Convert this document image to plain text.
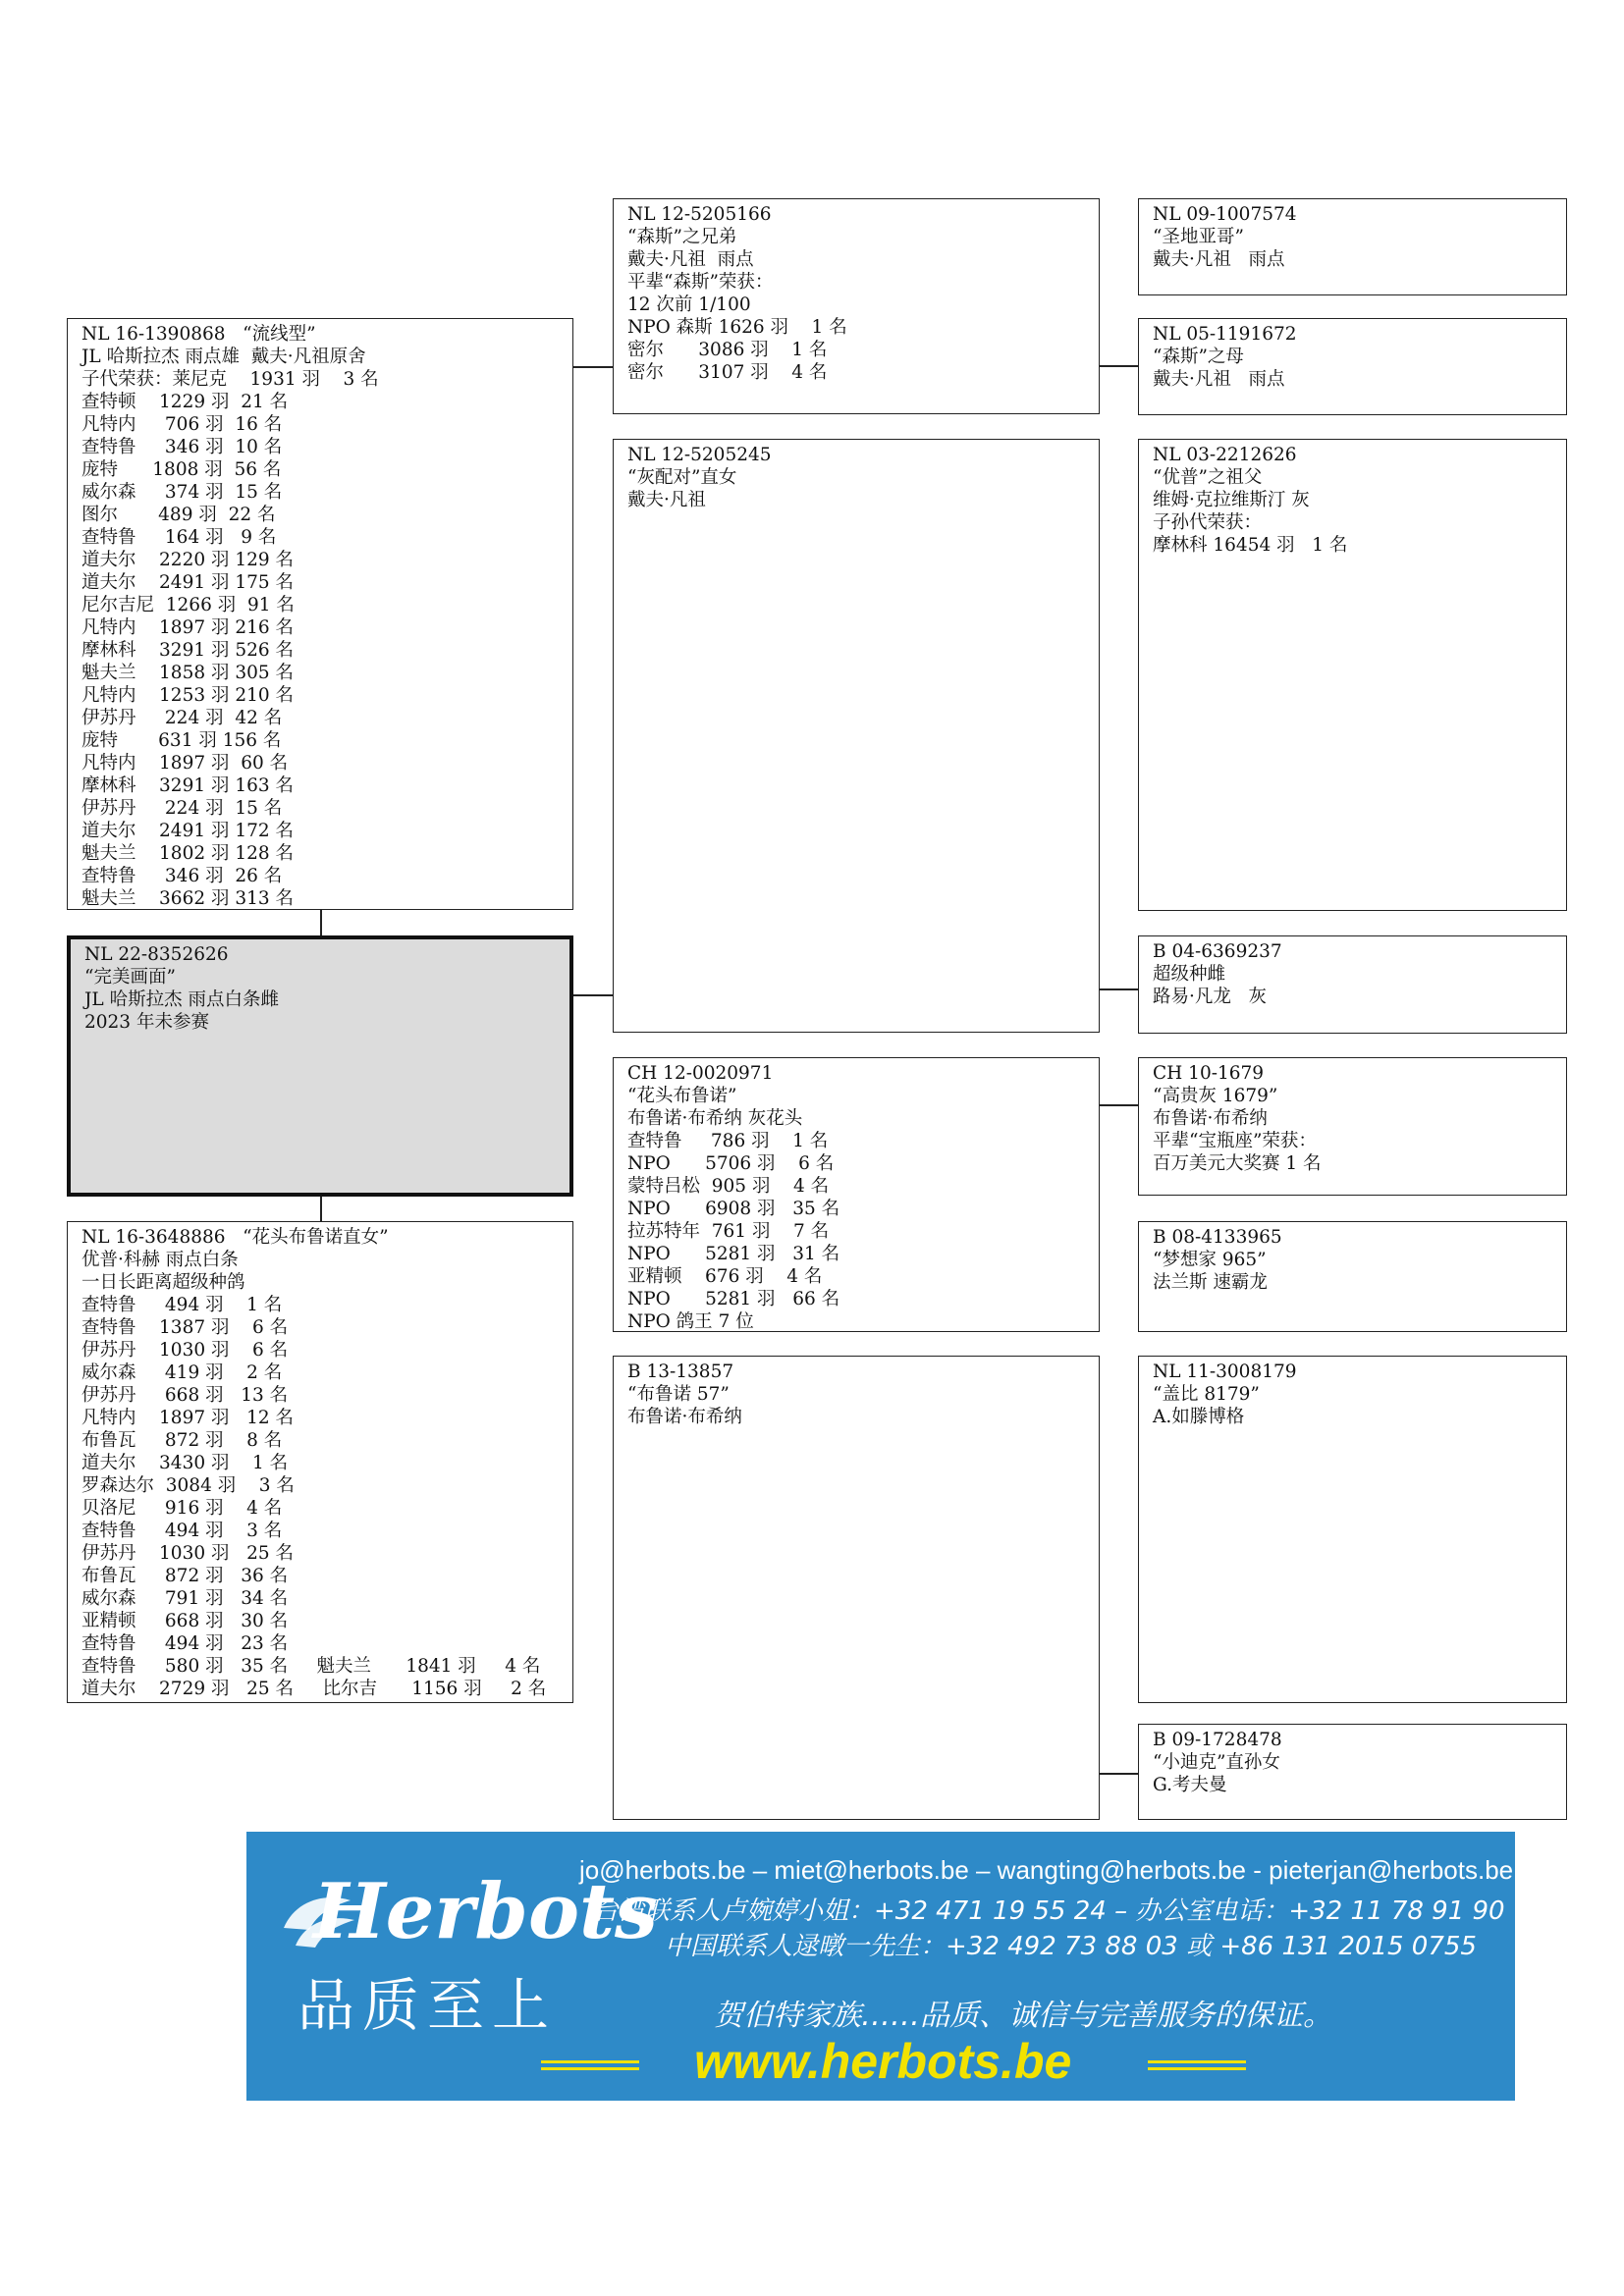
NL 16-1390868   “流线型”
JL 哈斯拉杰 雨点雄  戴夫·凡祖原舍
子代荣获：莱尼克    1931 羽    3 名
查特顿    1229 羽  21 名
凡特内     706 羽  16 名
查特鲁     346 羽  10 名
庞特      1808 羽  56 名
威尔森     374 羽  15 名
图尔       489 羽  22 名
查特鲁     164 羽   9 名
道夫尔    2220 羽 129 名
道夫尔    2491 羽 175 名
尼尔吉尼  1266 羽  91 名
凡特内    1897 羽 216 名
摩林科    3291 羽 526 名
魁夫兰    1858 羽 305 名
凡特内    1253 羽 210 名
伊苏丹     224 羽  42 名
庞特       631 羽 156 名
凡特内    1897 羽  60 名
摩林科    3291 羽 163 名
伊苏丹     224 羽  15 名
道夫尔    2491 羽 172 名
魁夫兰    1802 羽 128 名
查特鲁     346 羽  26 名
魁夫兰    3662 羽 313 名
NL 22-8352626
“完美画面”
JL 哈斯拉杰 雨点白条雌
2023 年未参赛
NL 16-3648886   “花头布鲁诺直女”
优普·科赫 雨点白条
一日长距离超级种鸽
查特鲁     494 羽    1 名
查特鲁    1387 羽    6 名
伊苏丹    1030 羽    6 名
威尔森     419 羽    2 名
伊苏丹     668 羽   13 名
凡特内    1897 羽   12 名
布鲁瓦     872 羽    8 名
道夫尔    3430 羽    1 名
罗森达尔  3084 羽    3 名
贝洛尼     916 羽    4 名
查特鲁     494 羽    3 名
伊苏丹    1030 羽   25 名
布鲁瓦     872 羽   36 名
威尔森     791 羽   34 名
亚精顿     668 羽   30 名
查特鲁     494 羽   23 名
查特鲁     580 羽   35 名     魁夫兰      1841 羽     4 名
道夫尔    2729 羽   25 名     比尔吉      1156 羽     2 名
NL 12-5205166
“森斯”之兄弟
戴夫·凡祖  雨点
平辈“森斯”荣获：
12 次前 1/100
NPO 森斯 1626 羽    1 名
密尔      3086 羽    1 名
密尔      3107 羽    4 名
NL 12-5205245
“灰配对”直女
戴夫·凡祖
CH 12-0020971
“花头布鲁诺”
布鲁诺·布希纳 灰花头
查特鲁     786 羽    1 名
NPO      5706 羽    6 名
蒙特吕松  905 羽    4 名
NPO      6908 羽   35 名
拉苏特年  761 羽    7 名
NPO      5281 羽   31 名
亚精顿    676 羽    4 名
NPO      5281 羽   66 名
NPO 鸽王 7 位
B 13-13857
“布鲁诺 57”
布鲁诺·布希纳
NL 09-1007574
“圣地亚哥”
戴夫·凡祖   雨点
NL 05-1191672
“森斯”之母
戴夫·凡祖   雨点
NL 03-2212626
“优普”之祖父
维姆·克拉维斯汀 灰
子孙代荣获：
摩林科 16454 羽   1 名
B 04-6369237
超级种雌
路易·凡龙   灰
CH 10-1679
“高贵灰 1679”
布鲁诺·布希纳
平辈“宝瓶座”荣获：
百万美元大奖赛 1 名
B 08-4133965
“梦想家 965”
法兰斯 速霸龙
NL 11-3008179
“盖比 8179”
A.如滕博格
B 09-1728478
“小迪克”直孙女
G.考夫曼
Herbots
品质至上
jo@herbots.be – miet@herbots.be – wangting@herbots.be - pieterjan@herbots.be
台湾联系人卢婉婷小姐：+32 471 19 55 24 – 办公室电话：+32 11 78 91 90
中国联系人逯暾一先生：+32 492 73 88 03 或 +86 131 2015 0755
贺伯特家族……品质、诚信与完善服务的保证。
www.herbots.be
